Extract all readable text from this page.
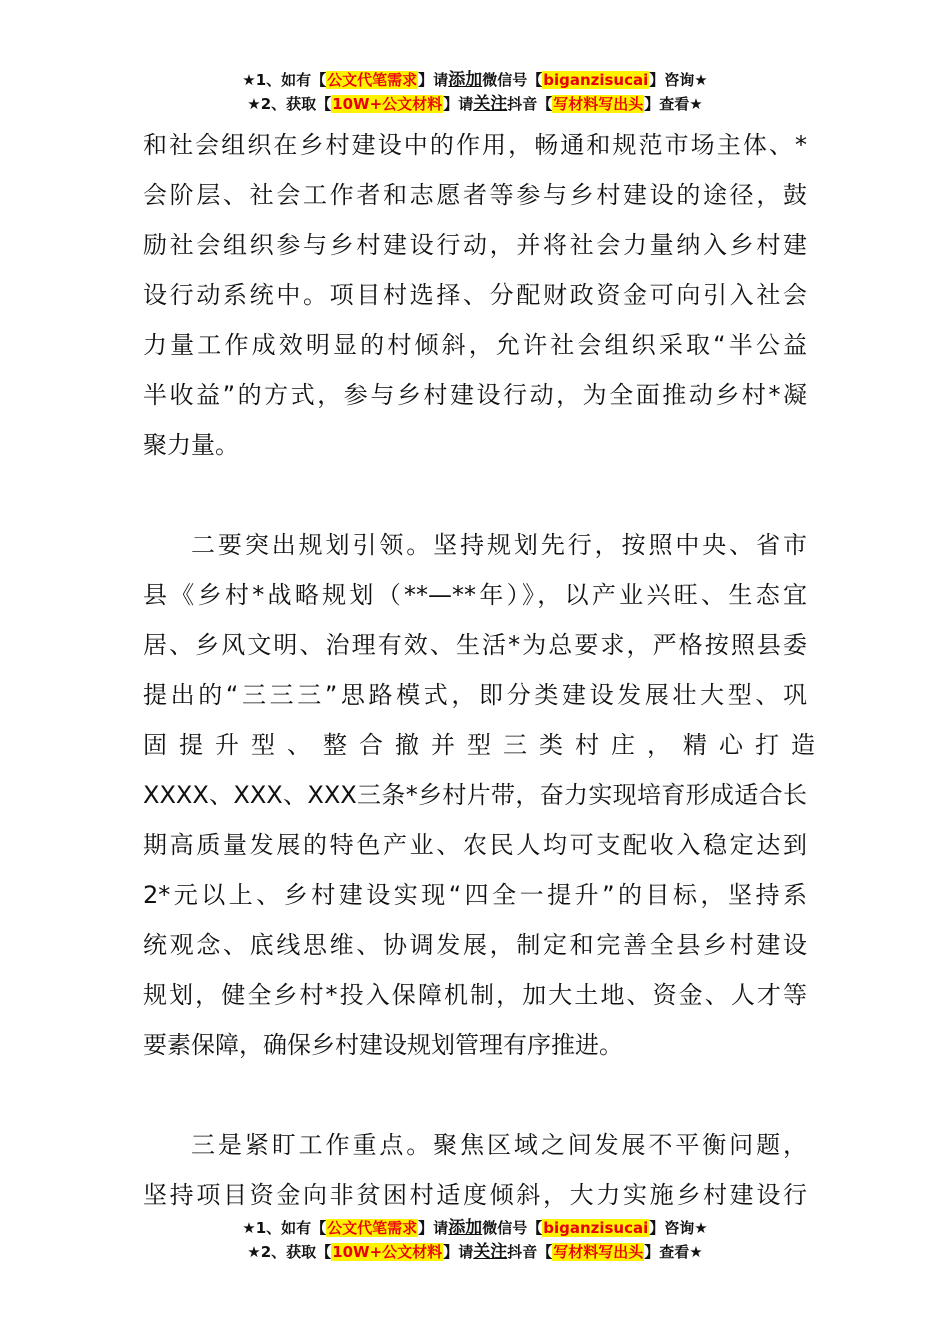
★1、如有【公文代笔需求】请添加微信号【biganzisucai】咨询★
★2、获取【10W+公文材料】请关注抖音【写材料写出头】查看★
和社会组织在乡村建设中的作用，畅通和规范市场主体、*
会阶层、社会工作者和志愿者等参与乡村建设的途径，鼓
励社会组织参与乡村建设行动，并将社会力量纳入乡村建
设行动系统中。项目村选择、分配财政资金可向引入社会
力量工作成效明显的村倾斜，允许社会组织采取“半公益
半收益”的方式，参与乡村建设行动，为全面推动乡村*凝
聚力量。
二要突出规划引领。坚持规划先行，按照中央、省市
县《乡村*战略规划（**—**年）》，以产业兴旺、生态宜
居、乡风文明、治理有效、生活*为总要求，严格按照县委
提出的“三三三”思路模式，即分类建设发展壮大型、巩
固提升型、整合撤并型三类村庄，精心打造
XXXX、XXX、XXX三条*乡村片带，奋力实现培育形成适合长
期高质量发展的特色产业、农民人均可支配收入稳定达到
2*元以上、乡村建设实现“四全一提升”的目标，坚持系
统观念、底线思维、协调发展，制定和完善全县乡村建设
规划，健全乡村*投入保障机制，加大土地、资金、人才等
要素保障，确保乡村建设规划管理有序推进。
三是紧盯工作重点。聚焦区域之间发展不平衡问题，
坚持项目资金向非贫困村适度倾斜，大力实施乡村建设行
★1、如有【公文代笔需求】请添加微信号【biganzisucai】咨询★
★2、获取【10W+公文材料】请关注抖音【写材料写出头】查看★
